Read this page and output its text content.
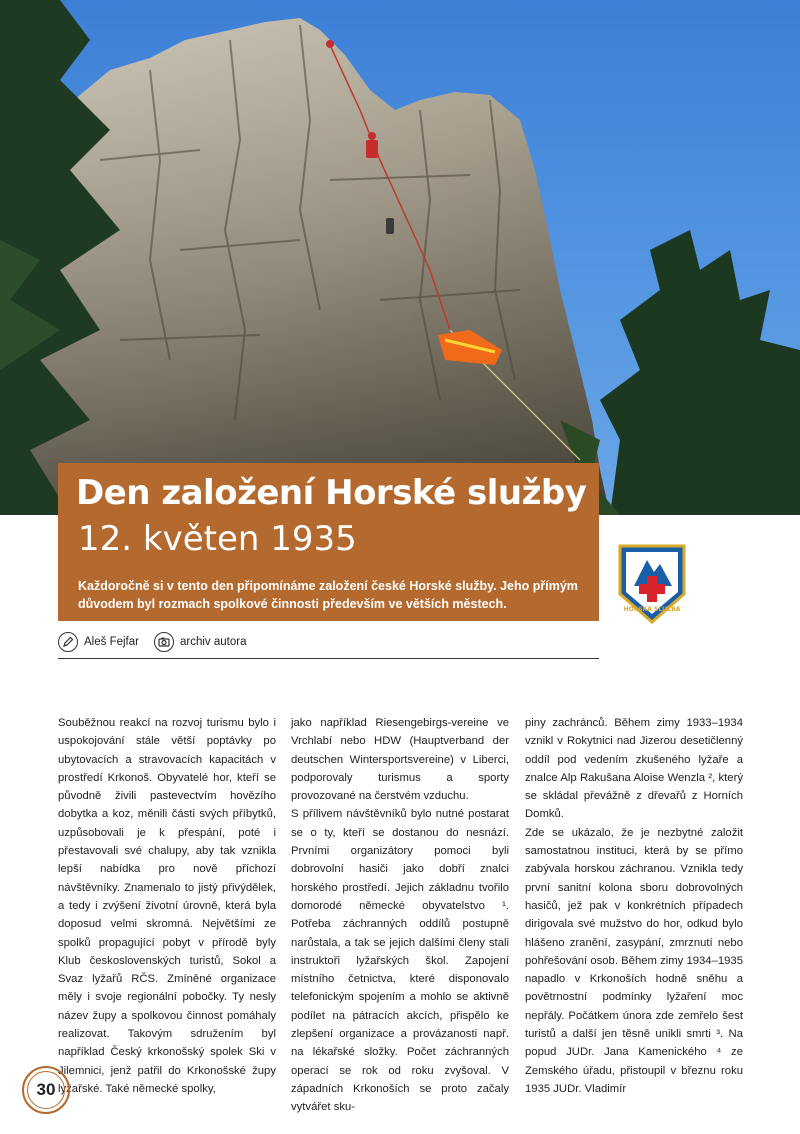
Den založení Horské služby
12. květen 1935

Každoročně si v tento den připomínáme založení české Horské služby. Jeho přímým důvodem byl rozmach spolkové činnosti především ve větších městech.	HORSKÁ SLUŽBA
Aleš Fejfar	archiv autora

Souběžnou reakcí na rozvoj turismu bylo i uspokojování stále větší poptávky po ubytovacích a stravovacích kapacitách v prostředí Krkonoš. Obyvatelé hor, kteří se původně živili pastevectvím hovězího dobytka a koz, měnili části svých příbytků, uzpůsobovali je k přespání, poté i přestavovali své chalupy, aby tak vznikla lepší nabídka pro nově příchozí návštěvníky. Znamenalo to jistý přivýdělek, a tedy i zvýšení životní úrovně, která byla doposud velmi skromná. Největšími ze spolků propagující pobyt v přírodě byly Klub československých turistů, Sokol a Svaz lyžařů RČS. Zmíněné organizace měly i svoje regionální pobočky. Ty nesly název župy a spolkovou činnost pomáhaly realizovat. Takovým sdružením byl například Český krkonošský spolek Ski v Jilemnici, jenž patřil do Krkonošské župy lyžařské. Také německé spolky,

jako například Riesengebirgs-vereine ve Vrchlabí nebo HDW (Hauptverband der deutschen Wintersportsvereine) v Liberci, podporovaly turismus a sporty provozované na čerstvém vzduchu.

S přílivem návštěvníků bylo nutné postarat se o ty, kteří se dostanou do nesnází. Prvními organizátory pomoci byli dobrovolní hasiči jako dobří znalci horského prostředí. Jejich základnu tvořilo domorodé německé obyvatelstvo ¹. Potřeba záchranných oddílů postupně narůstala, a tak se jejich dalšími členy stali instruktoři lyžařských škol. Zapojení místního četnictva, které disponovalo telefonickým spojením a mohlo se aktivně podílet na pátracích akcích, přispělo ke zlepšení organizace a provázanosti např. na lékařské složky. Počet záchranných operací se rok od roku zvyšoval. V západních Krkonoších se proto začaly vytvářet sku-

piny zachránců. Během zimy 1933–1934 vznikl v Rokytnici nad Jizerou desetičlenný oddíl pod vedením zkušeného lyžaře a znalce Alp Rakušana Aloise Wenzla ², který se skládal převážně z dřevařů z Horních Domků.

Zde se ukázalo, že je nezbytné založit samostatnou instituci, která by se přímo zabývala horskou záchranou. Vznikla tedy první sanitní kolona sboru dobrovolných hasičů, jež pak v konkrétních případech dirigovala své mužstvo do hor, odkud bylo hlášeno zranění, zasypání, zmrznutí nebo pohřešování osob. Během zimy 1934–1935 napadlo v Krkonoších hodně sněhu a povětrnostní podmínky lyžaření moc nepřály. Počátkem února zde zemřelo šest turistů a další jen těsně unikli smrti ³. Na popud JUDr. Jana Kamenického ⁴ ze Zemského úřadu, přistoupil v březnu roku 1935 JUDr. Vladimír

30
